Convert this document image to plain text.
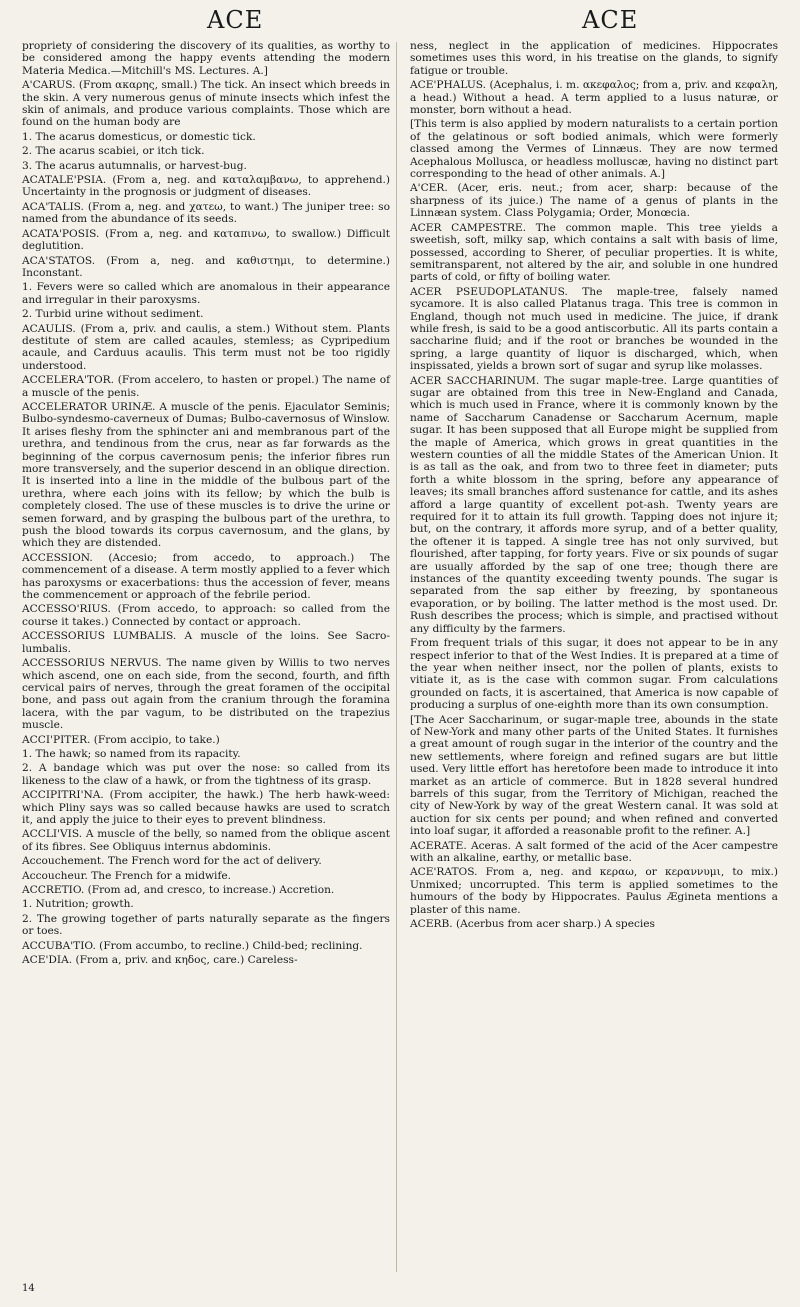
ACE	ACE

propriety of considering the discovery of its qualities, as worthy to be considered among the happy events attending the modern Materia Medica.—Mitchill's MS. Lectures. A.]

A'CARUS. (From ακαρης, small.) The tick. An insect which breeds in the skin. A very numerous genus of minute insects which infest the skin of animals, and produce various complaints. Those which are found on the human body are

1. The acarus domesticus, or domestic tick.

2. The acarus scabiei, or itch tick.

3. The acarus autumnalis, or harvest-bug.

ACATALE'PSIA. (From a, neg. and καταλαμβανω, to apprehend.) Uncertainty in the prognosis or judgment of diseases.

ACA'TALIS. (From a, neg. and χατεω, to want.) The juniper tree: so named from the abundance of its seeds.

ACATA'POSIS. (From a, neg. and καταπινω, to swallow.) Difficult deglutition.

ACA'STATOS. (From a, neg. and καθιστημι, to determine.) Inconstant.

1. Fevers were so called which are anomalous in their appearance and irregular in their paroxysms.

2. Turbid urine without sediment.

ACAULIS. (From a, priv. and caulis, a stem.) Without stem. Plants destitute of stem are called acaules, stemless; as Cypripedium acaule, and Carduus acaulis. This term must not be too rigidly understood.

ACCELERA'TOR. (From accelero, to hasten or propel.) The name of a muscle of the penis.

ACCELERATOR URINÆ. A muscle of the penis. Ejaculator Seminis; Bulbo-syndesmo-caverneux of Dumas; Bulbo-cavernosus of Winslow. It arises fleshy from the sphincter ani and membranous part of the urethra, and tendinous from the crus, near as far forwards as the beginning of the corpus cavernosum penis; the inferior fibres run more transversely, and the superior descend in an oblique direction. It is inserted into a line in the middle of the bulbous part of the urethra, where each joins with its fellow; by which the bulb is completely closed. The use of these muscles is to drive the urine or semen forward, and by grasping the bulbous part of the urethra, to push the blood towards its corpus cavernosum, and the glans, by which they are distended.

ACCESSION. (Accesio; from accedo, to approach.) The commencement of a disease. A term mostly applied to a fever which has paroxysms or exacerbations: thus the accession of fever, means the commencement or approach of the febrile period.

ACCESSO'RIUS. (From accedo, to approach: so called from the course it takes.) Connected by contact or approach.

ACCESSORIUS LUMBALIS. A muscle of the loins. See Sacro-lumbalis.

ACCESSORIUS NERVUS. The name given by Willis to two nerves which ascend, one on each side, from the second, fourth, and fifth cervical pairs of nerves, through the great foramen of the occipital bone, and pass out again from the cranium through the foramina lacera, with the par vagum, to be distributed on the trapezius muscle.

ACCI'PITER. (From accipio, to take.)

1. The hawk; so named from its rapacity.

2. A bandage which was put over the nose: so called from its likeness to the claw of a hawk, or from the tightness of its grasp.

ACCIPITRI'NA. (From accipiter, the hawk.) The herb hawk-weed: which Pliny says was so called because hawks are used to scratch it, and apply the juice to their eyes to prevent blindness.

ACCLI'VIS. A muscle of the belly, so named from the oblique ascent of its fibres. See Obliquus internus abdominis.

Accouchement. The French word for the act of delivery.

Accoucheur. The French for a midwife.

ACCRETIO. (From ad, and cresco, to increase.) Accretion.

1. Nutrition; growth.

2. The growing together of parts naturally separate as the fingers or toes.

ACCUBA'TIO. (From accumbo, to recline.) Child-bed; reclining.

ACE'DIA. (From a, priv. and κηδος, care.) Careless-

ness, neglect in the application of medicines. Hippocrates sometimes uses this word, in his treatise on the glands, to signify fatigue or trouble.

ACE'PHALUS. (Acephalus, i. m. ακεφαλος; from a, priv. and κεφαλη, a head.) Without a head. A term applied to a lusus naturæ, or monster, born without a head.

[This term is also applied by modern naturalists to a certain portion of the gelatinous or soft bodied animals, which were formerly classed among the Vermes of Linnæus. They are now termed Acephalous Mollusca, or headless molluscæ, having no distinct part corresponding to the head of other animals. A.]

A'CER. (Acer, eris. neut.; from acer, sharp: because of the sharpness of its juice.) The name of a genus of plants in the Linnæan system. Class Polygamia; Order, Monœcia.

ACER CAMPESTRE. The common maple. This tree yields a sweetish, soft, milky sap, which contains a salt with basis of lime, possessed, according to Sherer, of peculiar properties. It is white, semitransparent, not altered by the air, and soluble in one hundred parts of cold, or fifty of boiling water.

ACER PSEUDOPLATANUS. The maple-tree, falsely named sycamore. It is also called Platanus traga. This tree is common in England, though not much used in medicine. The juice, if drank while fresh, is said to be a good antiscorbutic. All its parts contain a saccharine fluid; and if the root or branches be wounded in the spring, a large quantity of liquor is discharged, which, when inspissated, yields a brown sort of sugar and syrup like molasses.

ACER SACCHARINUM. The sugar maple-tree. Large quantities of sugar are obtained from this tree in New-England and Canada, which is much used in France, where it is commonly known by the name of Saccharum Canadense or Saccharum Acernum, maple sugar. It has been supposed that all Europe might be supplied from the maple of America, which grows in great quantities in the western counties of all the middle States of the American Union. It is as tall as the oak, and from two to three feet in diameter; puts forth a white blossom in the spring, before any appearance of leaves; its small branches afford sustenance for cattle, and its ashes afford a large quantity of excellent pot-ash. Twenty years are required for it to attain its full growth. Tapping does not injure it; but, on the contrary, it affords more syrup, and of a better quality, the oftener it is tapped. A single tree has not only survived, but flourished, after tapping, for forty years. Five or six pounds of sugar are usually afforded by the sap of one tree; though there are instances of the quantity exceeding twenty pounds. The sugar is separated from the sap either by freezing, by spontaneous evaporation, or by boiling. The latter method is the most used. Dr. Rush describes the process; which is simple, and practised without any difficulty by the farmers.

From frequent trials of this sugar, it does not appear to be in any respect inferior to that of the West Indies. It is prepared at a time of the year when neither insect, nor the pollen of plants, exists to vitiate it, as is the case with common sugar. From calculations grounded on facts, it is ascertained, that America is now capable of producing a surplus of one-eighth more than its own consumption.

[The Acer Saccharinum, or sugar-maple tree, abounds in the state of New-York and many other parts of the United States. It furnishes a great amount of rough sugar in the interior of the country and the new settlements, where foreign and refined sugars are but little used. Very little effort has heretofore been made to introduce it into market as an article of commerce. But in 1828 several hundred barrels of this sugar, from the Territory of Michigan, reached the city of New-York by way of the great Western canal. It was sold at auction for six cents per pound; and when refined and converted into loaf sugar, it afforded a reasonable profit to the refiner. A.]

ACERATE. Aceras. A salt formed of the acid of the Acer campestre with an alkaline, earthy, or metallic base.

ACE'RATOS. From a, neg. and κεραω, or κεραννυμι, to mix.) Unmixed; uncorrupted. This term is applied sometimes to the humours of the body by Hippocrates. Paulus Ægineta mentions a plaster of this name.

ACERB. (Acerbus from acer sharp.) A species

14
